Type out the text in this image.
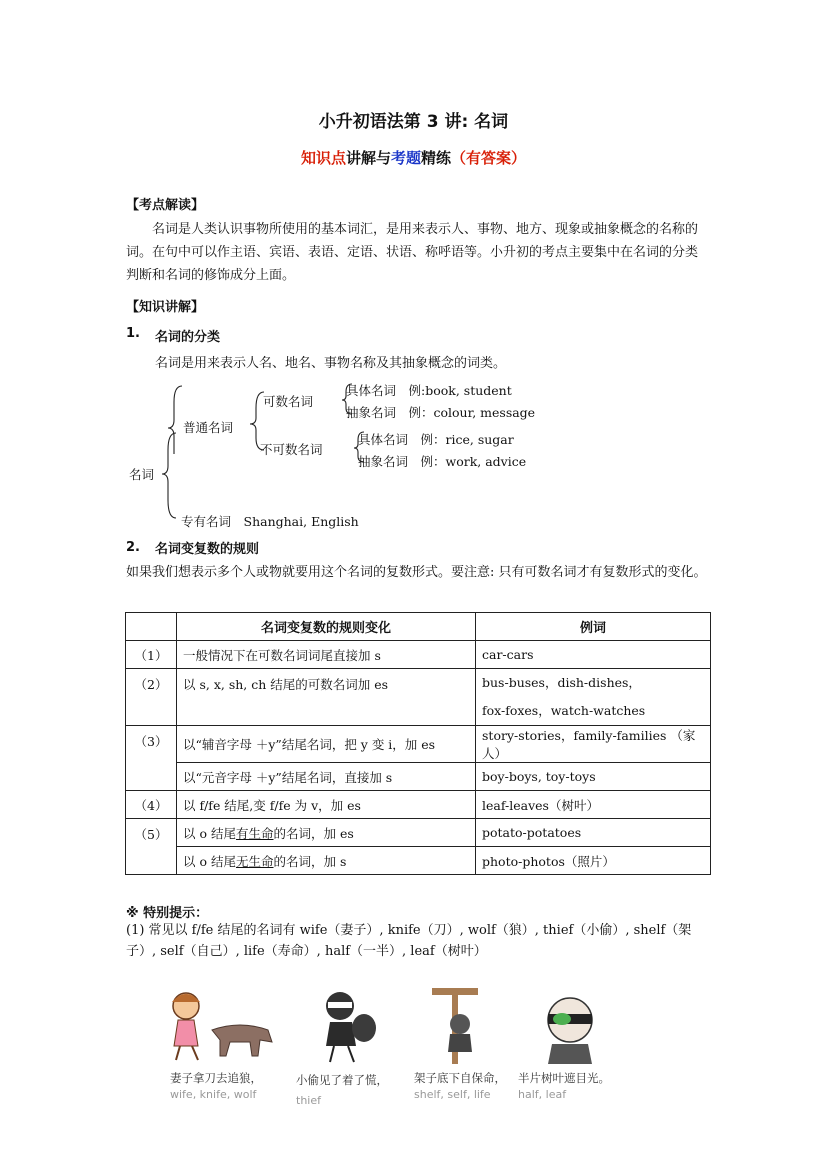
小升初语法第 3 讲: 名词
知识点讲解与考题精练（有答案）
【考点解读】
名词是人类认识事物所使用的基本词汇，是用来表示人、事物、地方、现象或抽象概念的名称的词。在句中可以作主语、宾语、表语、定语、状语、称呼语等。小升初的考点主要集中在名词的分类判断和名词的修饰成分上面。
【知识讲解】
1. 名词的分类
名词是用来表示人名、地名、事物名称及其抽象概念的词类。
名词
普通名词
可数名词
不可数名词
具体名词　例:book, student
抽象名词　例：colour, message
具体名词　例：rice, sugar
抽象名词　例：work, advice
专有名词　Shanghai, English
2. 名词变复数的规则
如果我们想表示多个人或物就要用这个名词的复数形式。要注意: 只有可数名词才有复数形式的变化。
	名词变复数的规则变化	例词
（1）	一般情况下在可数名词词尾直接加 s	car-cars
（2）	以 s, x, sh, ch 结尾的可数名词加 es	bus-buses，dish-dishes，
fox-foxes，watch-watches
（3）	以“辅音字母 ＋y”结尾名词，把 y 变 i，加 es	story-stories，family-families （家人）
	以“元音字母 ＋y”结尾名词，直接加 s	boy-boys, toy-toys
（4）	以 f/fe 结尾,变 f/fe 为 v，加 es	leaf-leaves（树叶）
（5）	以 o 结尾有生命的名词，加 es	potato-potatoes
	以 o 结尾无生命的名词，加 s	photo-photos（照片）
※ 特别提示：
(1) 常见以 f/fe 结尾的名词有 wife（妻子）, knife（刀）, wolf（狼）, thief（小偷）, shelf（架子）, self（自己）, life（寿命）, half（一半）, leaf（树叶）
妻子拿刀去追狼，
wife, knife, wolf
小偷见了着了慌，
thief
架子底下自保命，
shelf, self, life
半片树叶遮目光。
half, leaf
